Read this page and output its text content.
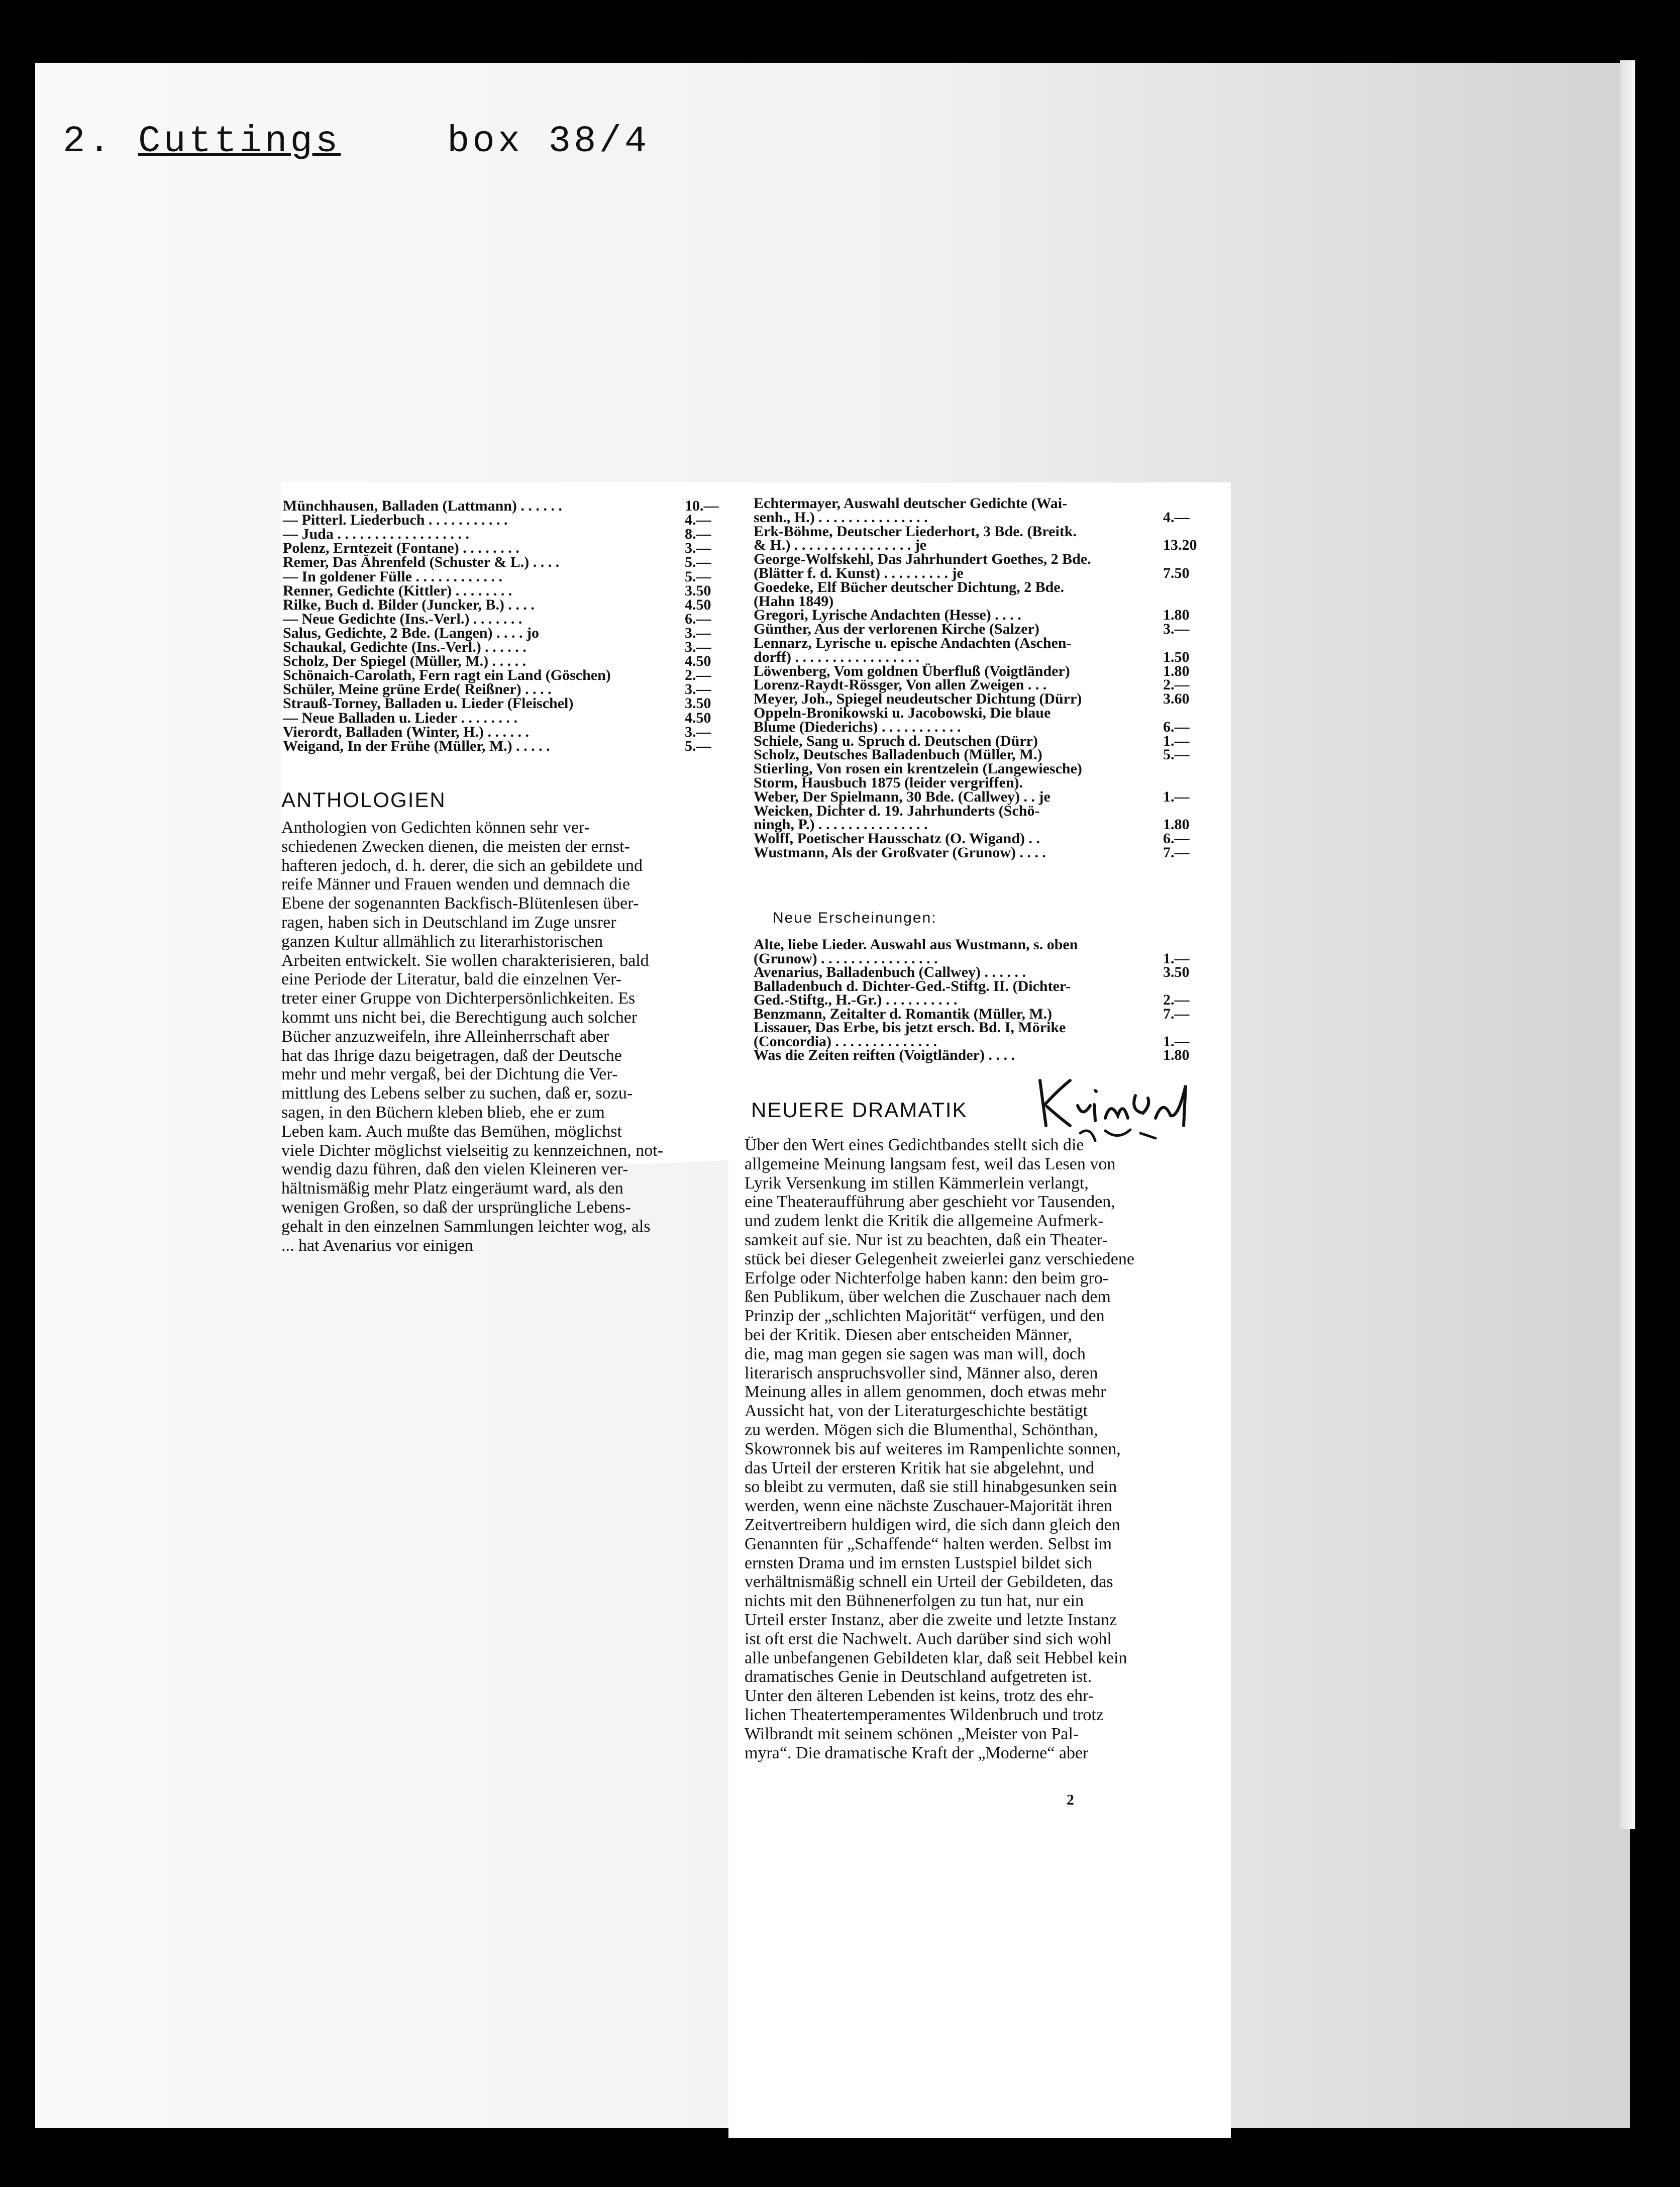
2. Cuttings	box 38/4
Münchhausen, Balladen (Lattmann) . . . . . .	10.—
— Pitterl. Liederbuch . . . . . . . . . . .	4.—
— Juda . . . . . . . . . . . . . . . . . .	8.—
Polenz, Erntezeit (Fontane) . . . . . . . .	3.—
Remer, Das Ährenfeld (Schuster & L.) . . . .	5.—
— In goldener Fülle . . . . . . . . . . . .	5.—
Renner, Gedichte (Kittler) . . . . . . . .	3.50
Rilke, Buch d. Bilder (Juncker, B.) . . . .	4.50
— Neue Gedichte (Ins.-Verl.) . . . . . . .	6.—
Salus, Gedichte, 2 Bde. (Langen) . . . . jo	3.—
Schaukal, Gedichte (Ins.-Verl.) . . . . . .	3.—
Scholz, Der Spiegel (Müller, M.) . . . . .	4.50
Schönaich-Carolath, Fern ragt ein Land (Göschen)	2.—
Schüler, Meine grüne Erde( Reißner) . . . .	3.—
Strauß-Torney, Balladen u. Lieder (Fleischel)	3.50
— Neue Balladen u. Lieder . . . . . . . .	4.50
Vierordt, Balladen (Winter, H.) . . . . . .	3.—
Weigand, In der Frühe (Müller, M.) . . . . .	5.—
ANTHOLOGIEN
Anthologien von Gedichten können sehr ver-
schiedenen Zwecken dienen, die meisten der ernst-
hafteren jedoch, d. h. derer, die sich an gebildete und
reife Männer und Frauen wenden und demnach die
Ebene der sogenannten Backfisch-Blütenlesen über-
ragen, haben sich in Deutschland im Zuge unsrer
ganzen Kultur allmählich zu literarhistorischen
Arbeiten entwickelt. Sie wollen charakterisieren, bald
eine Periode der Literatur, bald die einzelnen Ver-
treter einer Gruppe von Dichterpersönlichkeiten. Es
kommt uns nicht bei, die Berechtigung auch solcher
Bücher anzuzweifeln, ihre Alleinherrschaft aber
hat das Ihrige dazu beigetragen, daß der Deutsche
mehr und mehr vergaß, bei der Dichtung die Ver-
mittlung des Lebens selber zu suchen, daß er, sozu-
sagen, in den Büchern kleben blieb, ehe er zum
Leben kam. Auch mußte das Bemühen, möglichst
viele Dichter möglichst vielseitig zu kennzeichnen, not-
wendig dazu führen, daß den vielen Kleineren ver-
hältnismäßig mehr Platz eingeräumt ward, als den
wenigen Großen, so daß der ursprüngliche Lebens-
gehalt in den einzelnen Sammlungen leichter wog, als
... hat Avenarius vor einigen
Echtermayer, Auswahl deutscher Gedichte (Wai-
senh., H.) . . . . . . . . . . . . . . .	4.—
Erk-Böhme, Deutscher Liederhort, 3 Bde. (Breitk.
& H.) . . . . . . . . . . . . . . . . je	13.20
George-Wolfskehl, Das Jahrhundert Goethes, 2 Bde.
(Blätter f. d. Kunst) . . . . . . . . . je	7.50
Goedeke, Elf Bücher deutscher Dichtung, 2 Bde.
(Hahn 1849)
Gregori, Lyrische Andachten (Hesse) . . . .	1.80
Günther, Aus der verlorenen Kirche (Salzer)	3.—
Lennarz, Lyrische u. epische Andachten (Aschen-
dorff) . . . . . . . . . . . . . . . . .	1.50
Löwenberg, Vom goldnen Überfluß (Voigtländer)	1.80
Lorenz-Raydt-Rössger, Von allen Zweigen . . .	2.—
Meyer, Joh., Spiegel neudeutscher Dichtung (Dürr)	3.60
Oppeln-Bronikowski u. Jacobowski, Die blaue
Blume (Diederichs) . . . . . . . . . . .	6.—
Schiele, Sang u. Spruch d. Deutschen (Dürr)	1.—
Scholz, Deutsches Balladenbuch (Müller, M.)	5.—
Stierling, Von rosen ein krentzelein (Langewiesche)
Storm, Hausbuch 1875 (leider vergriffen).
Weber, Der Spielmann, 30 Bde. (Callwey) . . je	1.—
Weicken, Dichter d. 19. Jahrhunderts (Schö-
ningh, P.) . . . . . . . . . . . . . . .	1.80
Wolff, Poetischer Hausschatz (O. Wigand) . .	6.—
Wustmann, Als der Großvater (Grunow) . . . .	7.—
Neue Erscheinungen:
Alte, liebe Lieder. Auswahl aus Wustmann, s. oben
(Grunow) . . . . . . . . . . . . . . . .	1.—
Avenarius, Balladenbuch (Callwey) . . . . . .	3.50
Balladenbuch d. Dichter-Ged.-Stiftg. II. (Dichter-
Ged.-Stiftg., H.-Gr.) . . . . . . . . . .	2.—
Benzmann, Zeitalter d. Romantik (Müller, M.)	7.—
Lissauer, Das Erbe, bis jetzt ersch. Bd. I, Mörike
(Concordia) . . . . . . . . . . . . . .	1.—
Was die Zeiten reiften (Voigtländer) . . . .	1.80
NEUERE DRAMATIK
Über den Wert eines Gedichtbandes stellt sich die
allgemeine Meinung langsam fest, weil das Lesen von
Lyrik Versenkung im stillen Kämmerlein verlangt,
eine Theateraufführung aber geschieht vor Tausenden,
und zudem lenkt die Kritik die allgemeine Aufmerk-
samkeit auf sie. Nur ist zu beachten, daß ein Theater-
stück bei dieser Gelegenheit zweierlei ganz verschiedene
Erfolge oder Nichterfolge haben kann: den beim gro-
ßen Publikum, über welchen die Zuschauer nach dem
Prinzip der „schlichten Majorität“ verfügen, und den
bei der Kritik. Diesen aber entscheiden Männer,
die, mag man gegen sie sagen was man will, doch
literarisch anspruchsvoller sind, Männer also, deren
Meinung alles in allem genommen, doch etwas mehr
Aussicht hat, von der Literaturgeschichte bestätigt
zu werden. Mögen sich die Blumenthal, Schönthan,
Skowronnek bis auf weiteres im Rampenlichte sonnen,
das Urteil der ersteren Kritik hat sie abgelehnt, und
so bleibt zu vermuten, daß sie still hinabgesunken sein
werden, wenn eine nächste Zuschauer-Majorität ihren
Zeitvertreibern huldigen wird, die sich dann gleich den
Genannten für „Schaffende“ halten werden. Selbst im
ernsten Drama und im ernsten Lustspiel bildet sich
verhältnismäßig schnell ein Urteil der Gebildeten, das
nichts mit den Bühnenerfolgen zu tun hat, nur ein
Urteil erster Instanz, aber die zweite und letzte Instanz
ist oft erst die Nachwelt. Auch darüber sind sich wohl
alle unbefangenen Gebildeten klar, daß seit Hebbel kein
dramatisches Genie in Deutschland aufgetreten ist.
Unter den älteren Lebenden ist keins, trotz des ehr-
lichen Theatertemperamentes Wildenbruch und trotz
Wilbrandt mit seinem schönen „Meister von Pal-
myra“. Die dramatische Kraft der „Moderne“ aber
2
